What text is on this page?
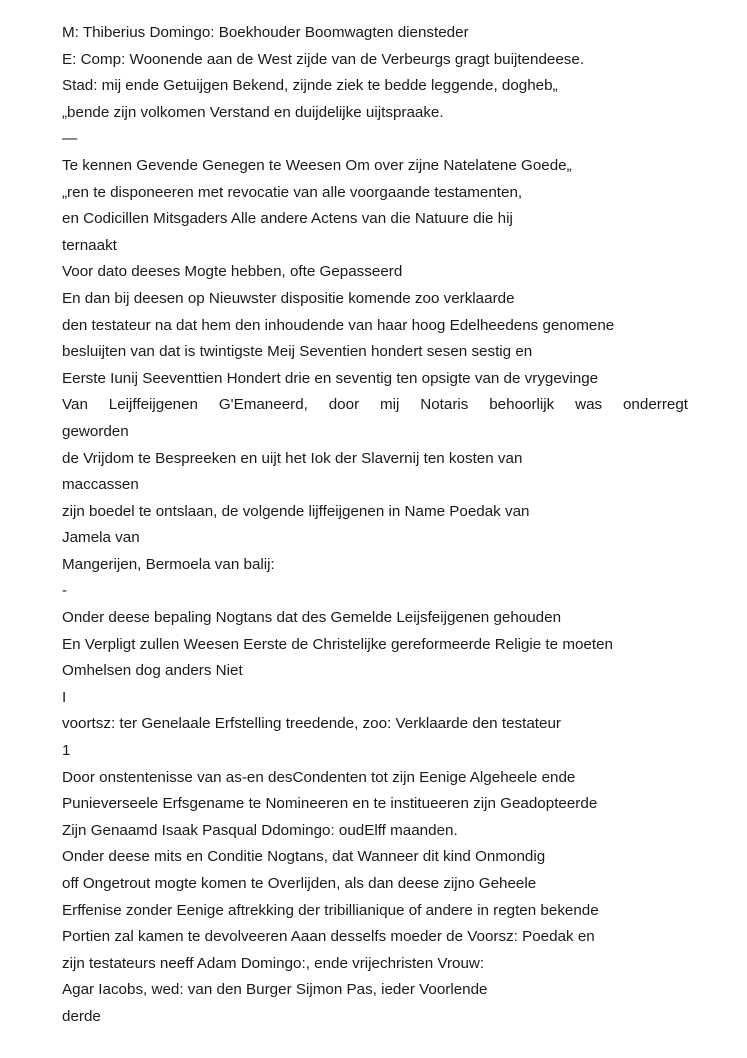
M: Thiberius Domingo: Boekhouder Boomwagten diensteder
E: Comp: Woonende aan de West zijde van de Verbeurgs gragt buijtendeese.
Stad: mij ende Getuijgen Bekend, zijnde ziek te bedde leggende, dogheb„
„bende zijn volkomen Verstand en duijdelijke uijtspraake.
—
Te kennen Gevende Genegen te Weesen Om over zijne Natelatene Goede„
„ren te disponeeren met revocatie van alle voorgaande testamenten,
en Codicillen Mitsgaders Alle andere Actens van die Natuure die hij
ternaakt
Voor dato deeses Mogte hebben, ofte Gepasseerd
En dan bij deesen op Nieuwster dispositie komende zoo verklaarde
den testateur na dat hem den inhoudende van haar hoog Edelheedens genomene
besluijten van dat is twintigste Meij Seventien hondert sesen sestig en
Eerste Iunij Seeventtien Hondert drie en seventig ten opsigte van de vrygevinge
Van Leijffeijgenen G'Emaneerd, door mij Notaris behoorlijk was onderregt
geworden
de Vrijdom te Bespreeken en uijt het Iok der Slavernij ten kosten van
maccassen
zijn boedel te ontslaan, de volgende lijffeijgenen in Name Poedak van
Jamela van
Mangerijen, Bermoela van balij:
-
Onder deese bepaling Nogtans dat des Gemelde Leijsfeijgenen gehouden
En Verpligt zullen Weesen Eerste de Christelijke gereformeerde Religie te moeten
Omhelsen dog anders Niet
I
voortsz: ter Genelaale Erfstelling treedende, zoo: Verklaarde den testateur
1
Door onstentenisse van as-en desCondenten tot zijn Eenige Algeheele ende
Punieverseele Erfsgename te Nomineeren en te institueeren zijn Geadopteerde
Zijn Genaamd Isaak Pasqual Ddomingo: oudElff maanden.
Onder deese mits en Conditie Nogtans, dat Wanneer dit kind Onmondig
off Ongetrout mogte komen te Overlijden, als dan deese zijno Geheele
Erffenise zonder Eenige aftrekking der tribillianique of andere in regten bekende
Portien zal kamen te devolveeren Aaan desselfs moeder de Voorsz: Poedak en
zijn testateurs neeff Adam Domingo:, ende vrijechristen Vrouw:
Agar Iacobs, wed: van den Burger Sijmon Pas, ieder Voorlende
derde
